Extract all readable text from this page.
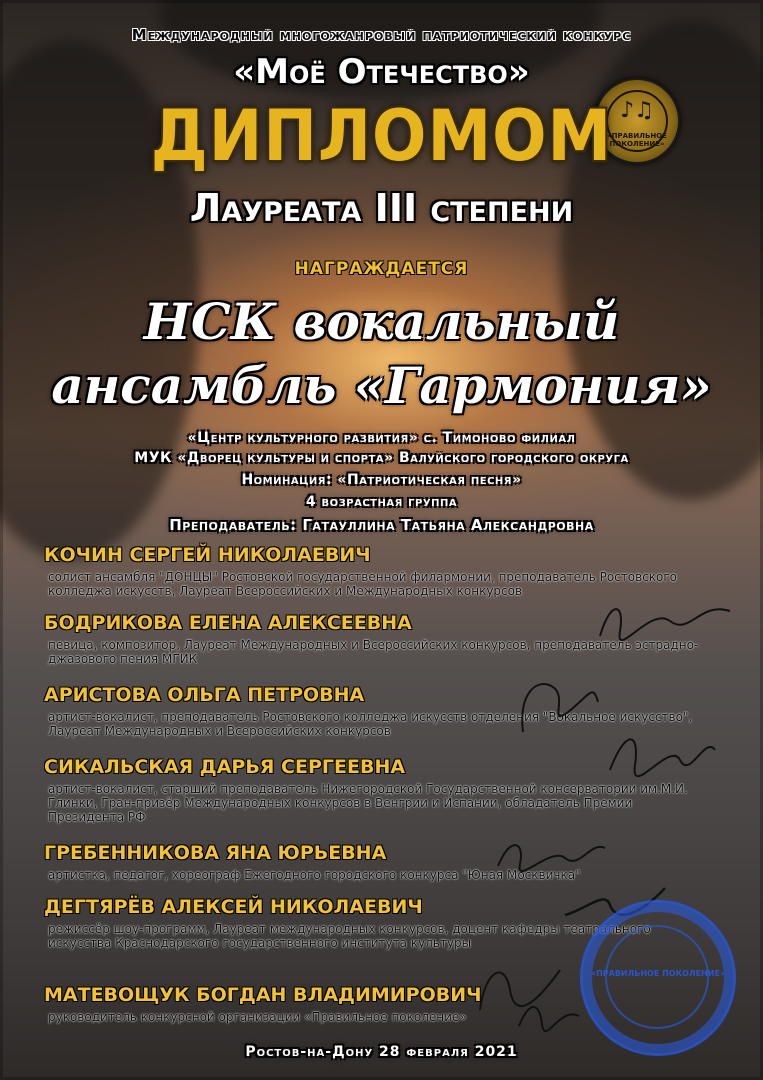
♪♫
«ПРАВИЛЬНОЕ ПОКОЛЕНИЕ»
Международный многожанровый патриотический конкурс
«Моё Отечество»
ДИПЛОМОМ
Лауреата III степени
награждается
НСК вокальный
ансамбль «Гармония»
«Центр культурного развития» с. Тимоново филиал
МУК «Дворец культуры и спорта» Валуйского городского округа
Номинация: «Патриотическая песня»
4 возрастная группа
Преподаватель: Гатауллина Татьяна Александровна
КОЧИН СЕРГЕЙ НИКОЛАЕВИЧ
солист ансамбля "ДОНЦЫ" Ростовской государственной филармонии, преподаватель Ростовского колледжа искусств, Лауреат Всероссийских и Международных конкурсов
БОДРИКОВА ЕЛЕНА АЛЕКСЕЕВНА
певица, композитор, Лауреат Международных и Всероссийских конкурсов, преподаватель эстрадно-джазового пения МГИК
АРИСТОВА ОЛЬГА ПЕТРОВНА
артист-вокалист, преподаватель Ростовского колледжа искусств отделения "Вокальное искусство", Лауреат Международных и Всероссийских конкурсов
СИКАЛЬСКАЯ ДАРЬЯ СЕРГЕЕВНА
артист-вокалист, старший преподаватель Нижегородской Государственной консерватории им.М.И. Глинки, Гран-призёр Международных конкурсов в Венгрии и Испании, обладатель Премии Президента РФ
ГРЕБЕННИКОВА ЯНА ЮРЬЕВНА
артистка, педагог, хореограф Ежегодного городского конкурса "Юная Москвичка"
ДЕГТЯРЁВ АЛЕКСЕЙ НИКОЛАЕВИЧ
режиссёр шоу-программ, Лауреат международных конкурсов, доцент кафедры театрального искусства Краснодарского государственного института культуры
МАТЕВОЩУК БОГДАН ВЛАДИМИРОВИЧ
руководитель конкурсной организации «Правильное поколение»
«ПРАВИЛЬНОЕ ПОКОЛЕНИЕ»
Ростов-на-Дону 28 февраля 2021
